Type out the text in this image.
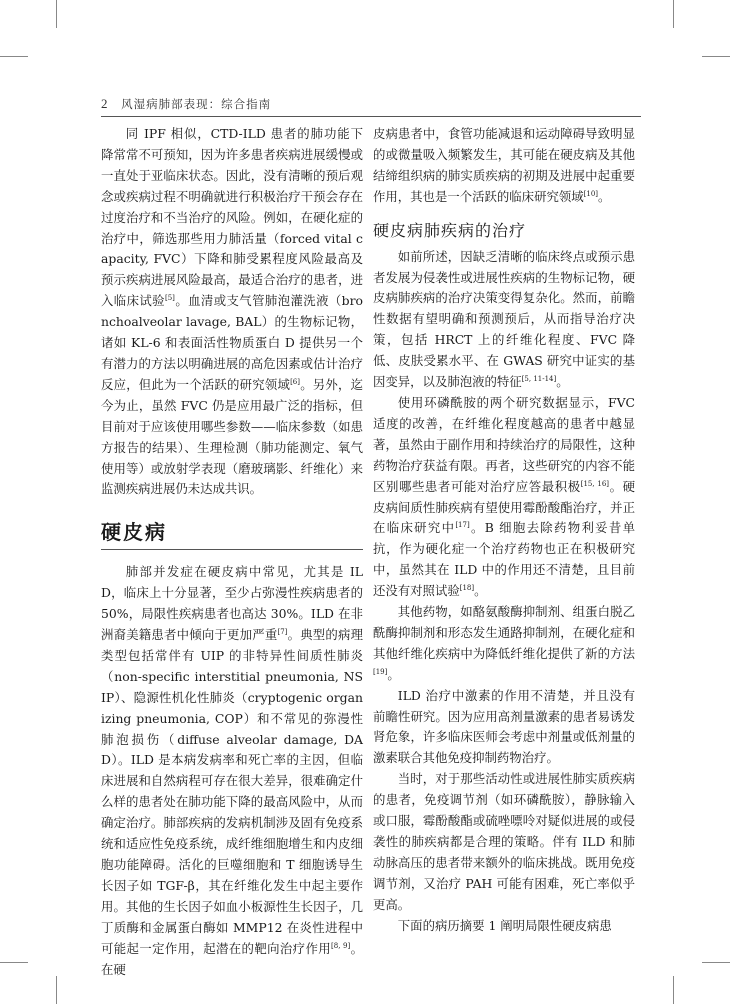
2 风湿病肺部表现：综合指南

同 IPF 相似，CTD-ILD 患者的肺功能下降常常不可预知，因为许多患者疾病进展缓慢或一直处于亚临床状态。因此，没有清晰的预后观念或疾病过程不明确就进行积极治疗干预会存在过度治疗和不当治疗的风险。例如，在硬化症的治疗中，筛选那些用力肺活量（forced vital capacity, FVC）下降和肺受累程度风险最高及预示疾病进展风险最高，最适合治疗的患者，进入临床试验[5]。血清或支气管肺泡灌洗液（bronchoalveolar lavage, BAL）的生物标记物，诸如 KL-6 和表面活性物质蛋白 D 提供另一个有潜力的方法以明确进展的高危因素或估计治疗反应，但此为一个活跃的研究领域[6]。另外，迄今为止，虽然 FVC 仍是应用最广泛的指标，但目前对于应该使用哪些参数——临床参数（如患方报告的结果）、生理检测（肺功能测定、氧气使用等）或放射学表现（磨玻璃影、纤维化）来监测疾病进展仍未达成共识。

硬皮病

肺部并发症在硬皮病中常见，尤其是 ILD，临床上十分显著，至少占弥漫性疾病患者的 50%，局限性疾病患者也高达 30%。ILD 在非洲裔美籍患者中倾向于更加严重[7]。典型的病理类型包括常伴有 UIP 的非特异性间质性肺炎（non-specific interstitial pneumonia, NSIP）、隐源性机化性肺炎（cryptogenic organizing pneumonia, COP）和不常见的弥漫性肺泡损伤（diffuse alveolar damage, DAD）。ILD 是本病发病率和死亡率的主因，但临床进展和自然病程可存在很大差异，很难确定什么样的患者处在肺功能下降的最高风险中，从而确定治疗。肺部疾病的发病机制涉及固有免疫系统和适应性免疫系统，成纤维细胞增生和内皮细胞功能障碍。活化的巨噬细胞和 T 细胞诱导生长因子如 TGF-β，其在纤维化发生中起主要作用。其他的生长因子如血小板源性生长因子，几丁质酶和金属蛋白酶如 MMP12 在炎性进程中可能起一定作用，起潜在的靶向治疗作用[8, 9]。在硬

皮病患者中，食管功能减退和运动障碍导致明显的或微量吸入频繁发生，其可能在硬皮病及其他结缔组织病的肺实质疾病的初期及进展中起重要作用，其也是一个活跃的临床研究领域[10]。

硬皮病肺疾病的治疗

如前所述，因缺乏清晰的临床终点或预示患者发展为侵袭性或进展性疾病的生物标记物，硬皮病肺疾病的治疗决策变得复杂化。然而，前瞻性数据有望明确和预测预后，从而指导治疗决策，包括 HRCT 上的纤维化程度、FVC 降低、皮肤受累水平、在 GWAS 研究中证实的基因变异，以及肺泡液的特征[5, 11-14]。

使用环磷酰胺的两个研究数据显示，FVC 适度的改善，在纤维化程度越高的患者中越显著，虽然由于副作用和持续治疗的局限性，这种药物治疗获益有限。再者，这些研究的内容不能区别哪些患者可能对治疗应答最积极[15, 16]。硬皮病间质性肺疾病有望使用霉酚酸酯治疗，并正在临床研究中[17]。B 细胞去除药物利妥昔单抗，作为硬化症一个治疗药物也正在积极研究中，虽然其在 ILD 中的作用还不清楚，且目前还没有对照试验[18]。

其他药物，如酪氨酸酶抑制剂、组蛋白脱乙酰酶抑制剂和形态发生通路抑制剂，在硬化症和其他纤维化疾病中为降低纤维化提供了新的方法[19]。

ILD 治疗中激素的作用不清楚，并且没有前瞻性研究。因为应用高剂量激素的患者易诱发肾危象，许多临床医师会考虑中剂量或低剂量的激素联合其他免疫抑制药物治疗。

当时，对于那些活动性或进展性肺实质疾病的患者，免疫调节剂（如环磷酰胺），静脉输入或口服，霉酚酸酯或硫唑嘌呤对疑似进展的或侵袭性的肺疾病都是合理的策略。伴有 ILD 和肺动脉高压的患者带来额外的临床挑战。既用免疫调节剂，又治疗 PAH 可能有困难，死亡率似乎更高。

下面的病历摘要 1 阐明局限性硬皮病患
